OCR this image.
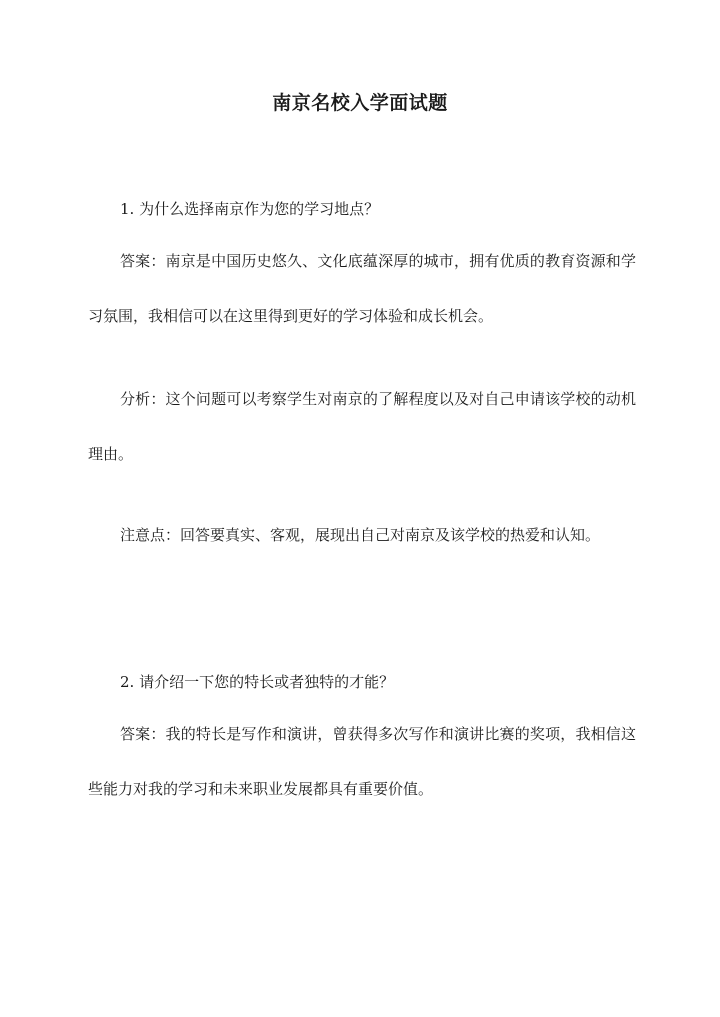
南京名校入学面试题

1. 为什么选择南京作为您的学习地点？

答案：南京是中国历史悠久、文化底蕴深厚的城市，拥有优质的教育资源和学习氛围，我相信可以在这里得到更好的学习体验和成长机会。

分析：这个问题可以考察学生对南京的了解程度以及对自己申请该学校的动机理由。

注意点：回答要真实、客观，展现出自己对南京及该学校的热爱和认知。

2. 请介绍一下您的特长或者独特的才能？

答案：我的特长是写作和演讲，曾获得多次写作和演讲比赛的奖项，我相信这些能力对我的学习和未来职业发展都具有重要价值。
